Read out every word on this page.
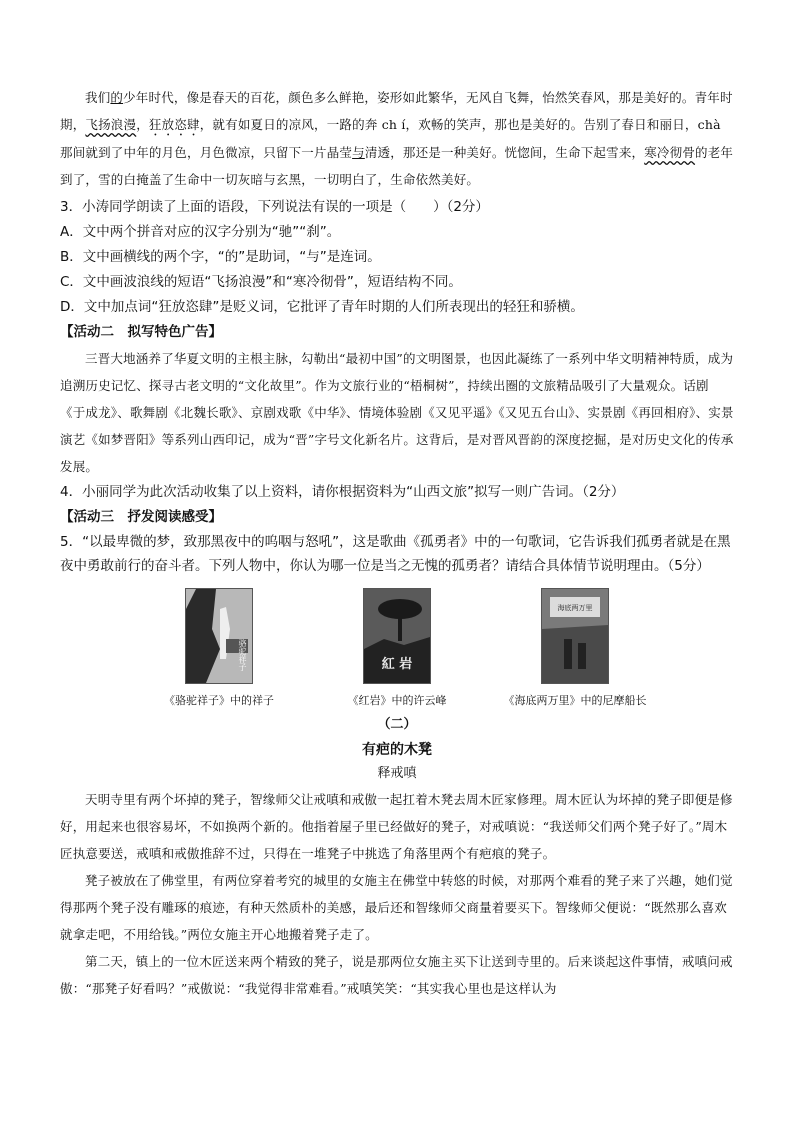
我们的少年时代，像是春天的百花，颜色多么鲜艳，姿形如此繁华，无风自飞舞，怡然笑春风，那是美好的。青年时期，飞扬浪漫，狂放恣肆，就有如夏日的凉风，一路的奔 ch í，欢畅的笑声，那也是美好的。告别了春日和丽日，chà 那间就到了中年的月色，月色微凉，只留下一片晶莹与清透，那还是一种美好。恍惚间，生命下起雪来，寒冷彻骨的老年到了，雪的白掩盖了生命中一切灰暗与玄黑，一切明白了，生命依然美好。

3．小涛同学朗读了上面的语段，下列说法有误的一项是（　　）（2分）

A．文中两个拼音对应的汉字分别为“驰”“刹”。

B．文中画横线的两个字，“的”是助词，“与”是连词。

C．文中画波浪线的短语“飞扬浪漫”和“寒冷彻骨”，短语结构不同。

D．文中加点词“狂放恣肆”是贬义词，它批评了青年时期的人们所表现出的轻狂和骄横。

【活动二　拟写特色广告】

三晋大地涵养了华夏文明的主根主脉，勾勒出“最初中国”的文明图景，也因此凝练了一系列中华文明精神特质，成为追溯历史记忆、探寻古老文明的“文化故里”。作为文旅行业的“梧桐树”，持续出圈的文旅精品吸引了大量观众。话剧《于成龙》、歌舞剧《北魏长歌》、京剧戏歌《中华》、情境体验剧《又见平遥》《又见五台山》、实景剧《再回相府》、实景演艺《如梦晋阳》等系列山西印记，成为“晋”字号文化新名片。这背后，是对晋风晋韵的深度挖掘，是对历史文化的传承发展。

4．小丽同学为此次活动收集了以上资料，请你根据资料为“山西文旅”拟写一则广告词。（2分）

【活动三　抒发阅读感受】

5．“以最卑微的梦，致那黑夜中的呜咽与怒吼”，这是歌曲《孤勇者》中的一句歌词，它告诉我们孤勇者就是在黑夜中勇敢前行的奋斗者。下列人物中，你认为哪一位是当之无愧的孤勇者？请结合具体情节说明理由。（5分）

骆驼祥子
《骆驼祥子》中的祥子
紅 岩
《红岩》中的许云峰
海底两万里
《海底两万里》中的尼摩船长

（二）

有疤的木凳

释戒嗔

天明寺里有两个坏掉的凳子，智缘师父让戒嗔和戒傲一起扛着木凳去周木匠家修理。周木匠认为坏掉的凳子即便是修好，用起来也很容易坏，不如换两个新的。他指着屋子里已经做好的凳子，对戒嗔说：“我送师父们两个凳子好了。”周木匠执意要送，戒嗔和戒傲推辞不过，只得在一堆凳子中挑选了角落里两个有疤痕的凳子。

凳子被放在了佛堂里，有两位穿着考究的城里的女施主在佛堂中转悠的时候，对那两个难看的凳子来了兴趣，她们觉得那两个凳子没有雕琢的痕迹，有种天然质朴的美感，最后还和智缘师父商量着要买下。智缘师父便说：“既然那么喜欢就拿走吧，不用给钱。”两位女施主开心地搬着凳子走了。

第二天，镇上的一位木匠送来两个精致的凳子，说是那两位女施主买下让送到寺里的。后来谈起这件事情，戒嗔问戒傲：“那凳子好看吗？”戒傲说：“我觉得非常难看。”戒嗔笑笑：“其实我心里也是这样认为
